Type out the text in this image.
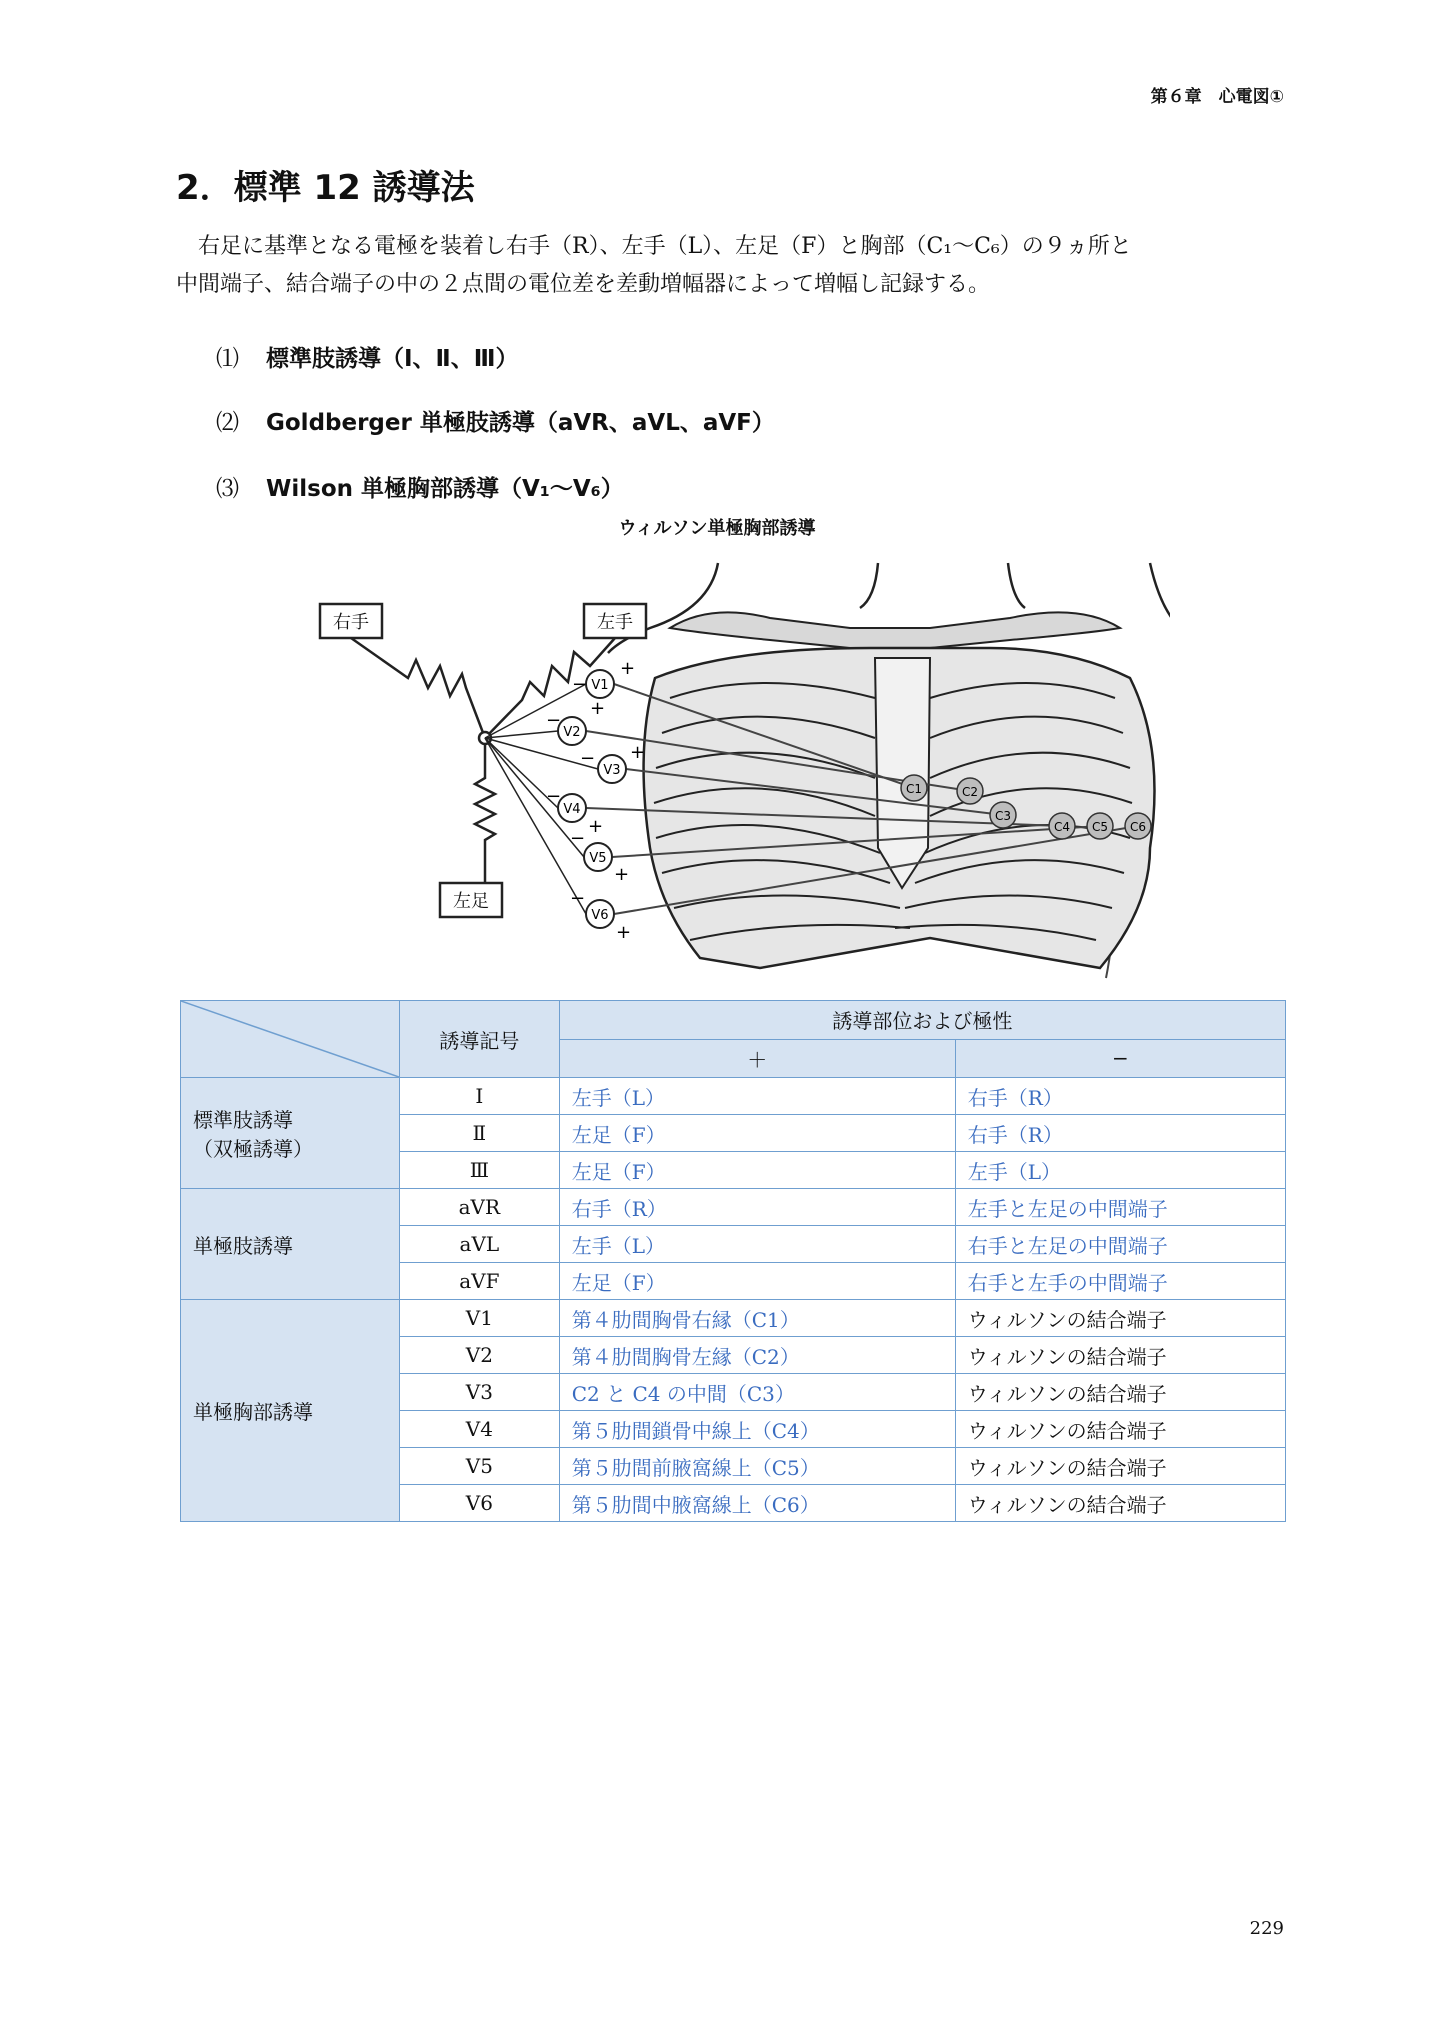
第６章　心電図①
2．標準 12 誘導法

右足に基準となる電極を装着し右手（R）、左手（L）、左足（F）と胸部（C₁〜C₆）の９ヵ所と
中間端子、結合端子の中の２点間の電位差を差動増幅器によって増幅し記録する。

⑴ 標準肢誘導（Ⅰ、Ⅱ、Ⅲ）
⑵ Goldberger 単極肢誘導（aVR、aVL、aVF）
⑶ Wilson 単極胸部誘導（V₁〜V₆）
ウィルソン単極胸部誘導
右手	左手
左足
V1
−
+
V2
−
+
V3
− +
V4
−
+
V5
−
+
V6
−
+
C1	C2
C3
C4 C5 C6
	誘導記号	誘導部位および極性	
		＋	−
標準肢誘導
（双極誘導）	Ⅰ	左手（L）	右手（R）
	Ⅱ	左足（F）	右手（R）
	Ⅲ	左足（F）	左手（L）
単極肢誘導	aVR	右手（R）	左手と左足の中間端子
	aVL	左手（L）	右手と左足の中間端子
	aVF	左足（F）	右手と左手の中間端子
単極胸部誘導	V1	第４肋間胸骨右縁（C1）	ウィルソンの結合端子
	V2	第４肋間胸骨左縁（C2）	ウィルソンの結合端子
	V3	C2 と C4 の中間（C3）	ウィルソンの結合端子
	V4	第５肋間鎖骨中線上（C4）	ウィルソンの結合端子
	V5	第５肋間前腋窩線上（C5）	ウィルソンの結合端子
	V6	第５肋間中腋窩線上（C6）	ウィルソンの結合端子
229
